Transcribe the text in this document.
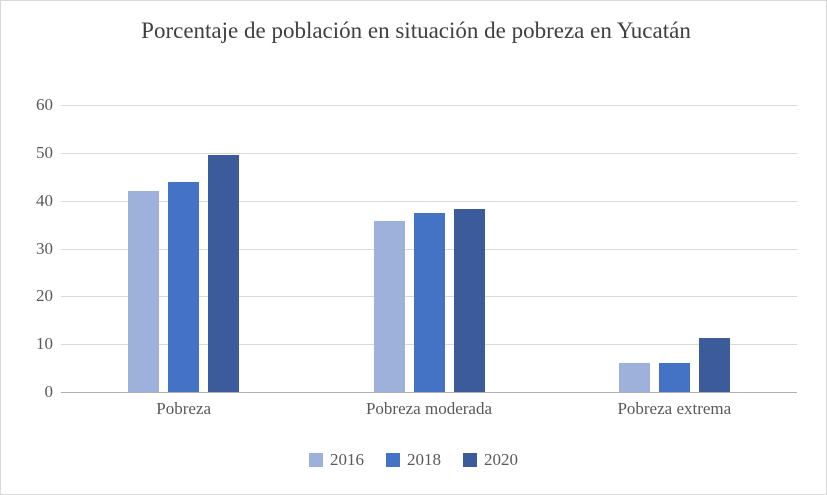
Porcentaje de población en situación de pobreza en Yucatán
0
10
20
30
40
50
60
2016	2018	2020
Pobreza	Pobreza moderada	Pobreza extrema
